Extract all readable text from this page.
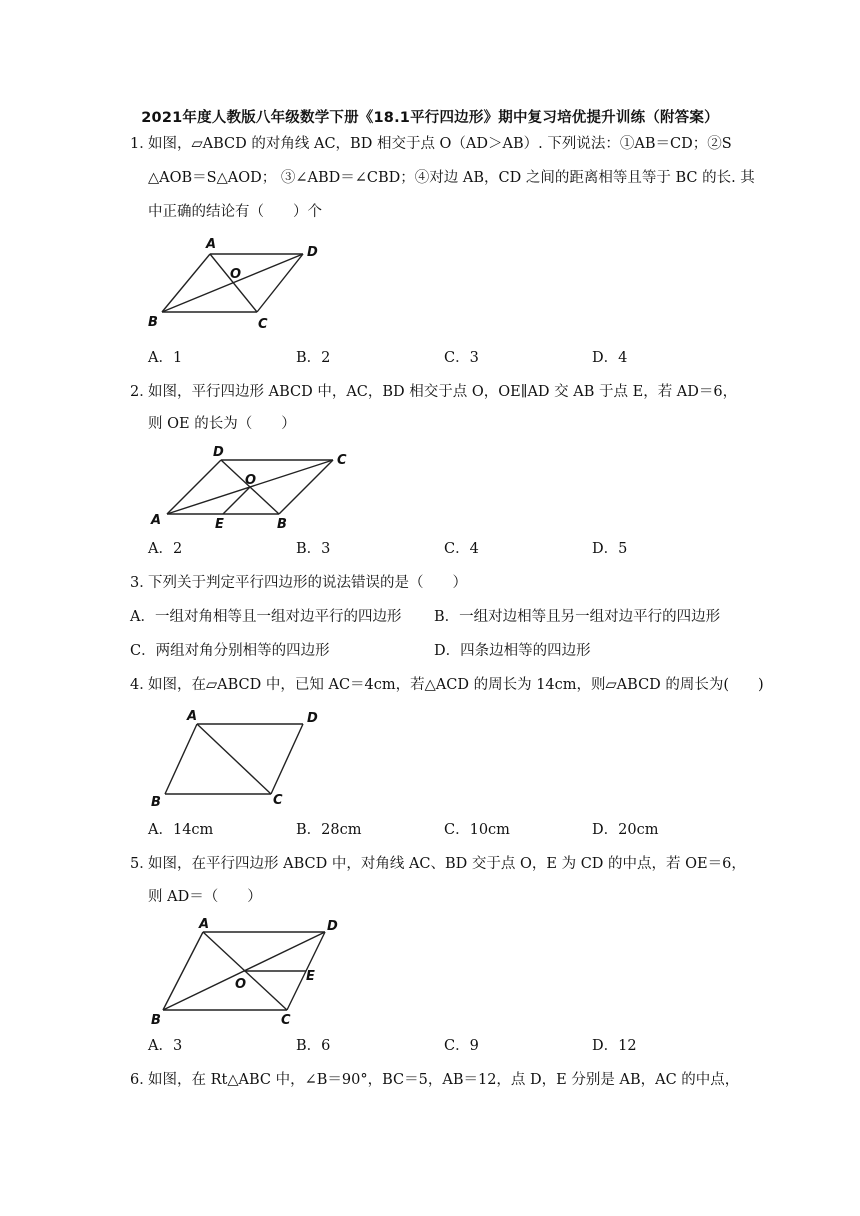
2021年度人教版八年级数学下册《18.1平行四边形》期中复习培优提升训练（附答案）
1．
如图，▱ABCD 的对角线 AC，BD 相交于点 O（AD＞AB）. 下列说法：①AB＝CD；②S
△AOB＝S△AOD； ③∠ABD＝∠CBD；④对边 AB，CD 之间的距离相等且等于 BC 的长. 其
中正确的结论有（　　）个
A
D
O
B	C
A．1	B．2	C．3	D．4
2．
如图，平行四边形 ABCD 中，AC，BD 相交于点 O，OE∥AD 交 AB 于点 E，若 AD＝6，
则 OE 的长为（　　）
D
C
O
A	E	B
A．2	B．3	C．4	D．5
3．
下列关于判定平行四边形的说法错误的是（　　）
A．一组对角相等且一组对边平行的四边形 B．一组对边相等且另一组对边平行的四边形
C．两组对角分别相等的四边形	D．四条边相等的四边形
4．
如图，在▱ABCD 中，已知 AC＝4cm，若△ACD 的周长为 14cm，则▱ABCD 的周长为(　　)
A	D
B	C
A．14cm	B．28cm	C．10cm	D．20cm
5．
如图，在平行四边形 ABCD 中，对角线 AC、BD 交于点 O，E 为 CD 的中点，若 OE＝6，
则 AD＝（　　）
A	D
O
E
B	C
A．3	B．6	C．9	D．12
6．
如图，在 Rt△ABC 中，∠B＝90°，BC＝5，AB＝12，点 D，E 分别是 AB，AC 的中点，
